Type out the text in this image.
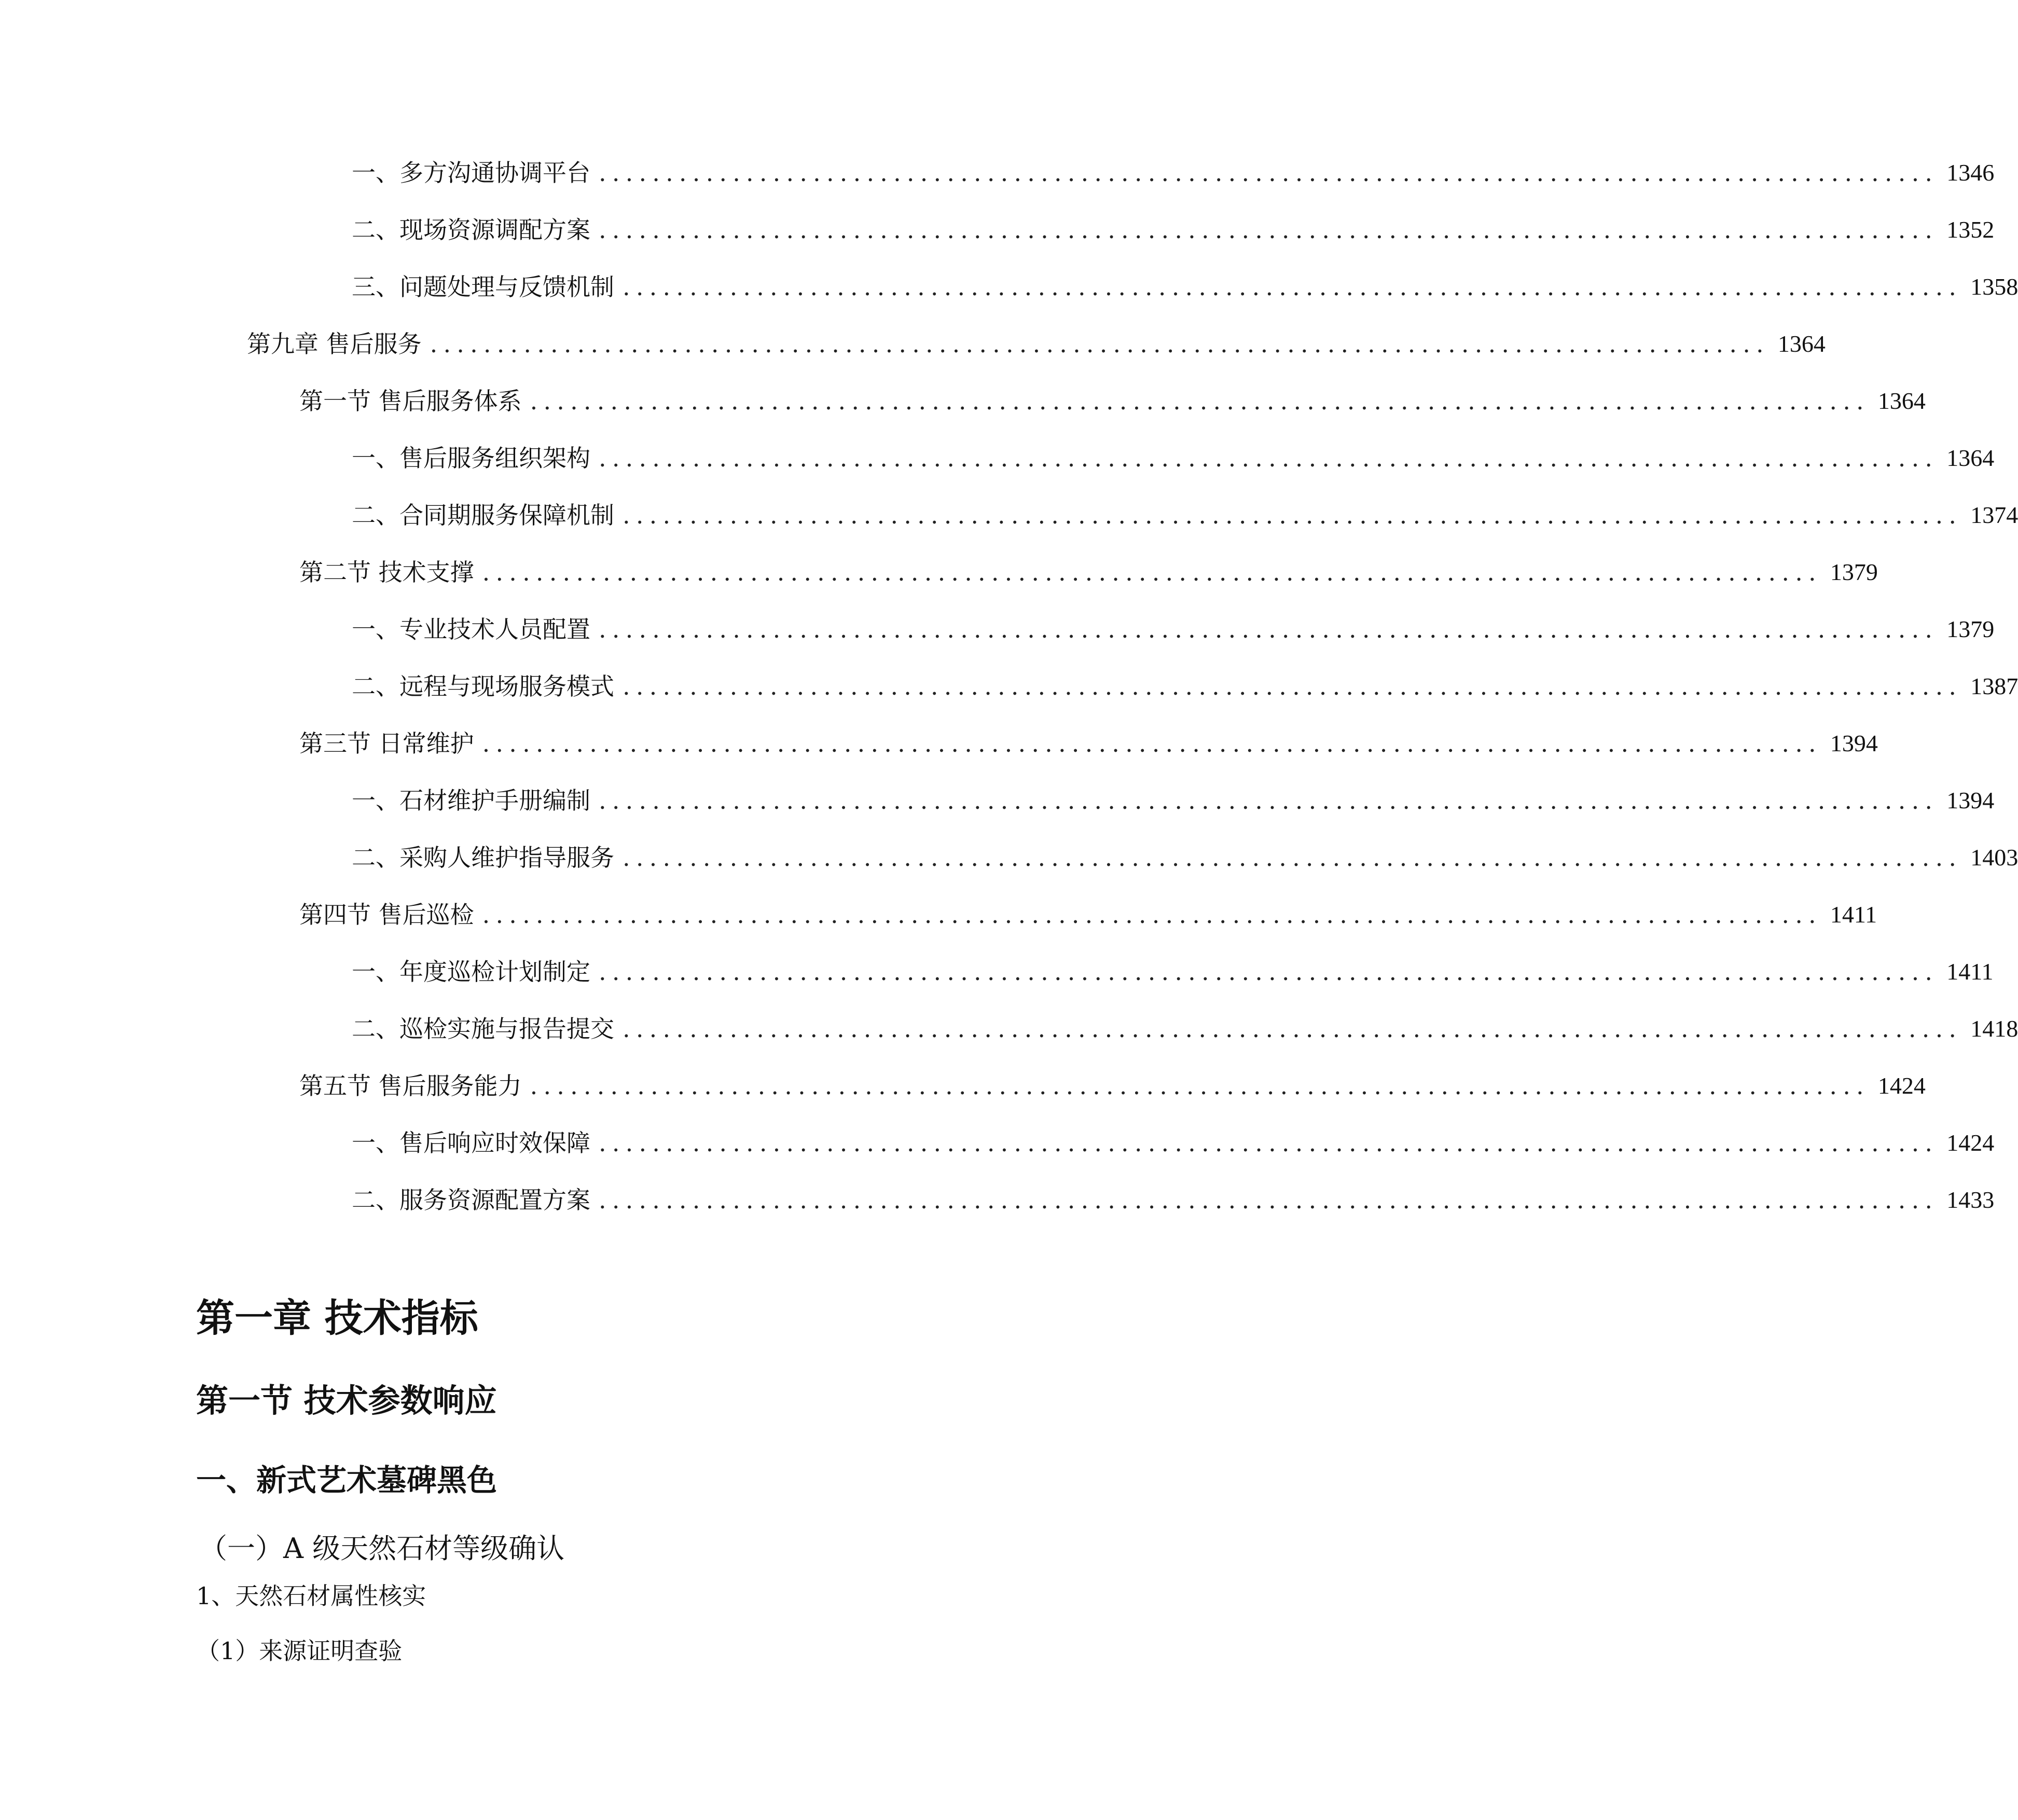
一、 多方沟通协调平台 .................................................................................................... 1346
二、 现场资源调配方案 .................................................................................................... 1352
三、 问题处理与反馈机制 .................................................................................................... 1358
第九章 售后服务 .................................................................................................... 1364
第一节 售后服务体系 .................................................................................................... 1364
一、 售后服务组织架构 .................................................................................................... 1364
二、 合同期服务保障机制 .................................................................................................... 1374
第二节 技术支撑 .................................................................................................... 1379
一、 专业技术人员配置 .................................................................................................... 1379
二、 远程与现场服务模式 .................................................................................................... 1387
第三节 日常维护 .................................................................................................... 1394
一、 石材维护手册编制 .................................................................................................... 1394
二、 采购人维护指导服务 .................................................................................................... 1403
第四节 售后巡检 .................................................................................................... 1411
一、 年度巡检计划制定 .................................................................................................... 1411
二、 巡检实施与报告提交 .................................................................................................... 1418
第五节 售后服务能力 .................................................................................................... 1424
一、 售后响应时效保障 .................................................................................................... 1424
二、 服务资源配置方案 .................................................................................................... 1433
第一章 技术指标
第一节 技术参数响应
一、新式艺术墓碑黑色
（一）A 级天然石材等级确认
1、天然石材属性核实
（1）来源证明查验
